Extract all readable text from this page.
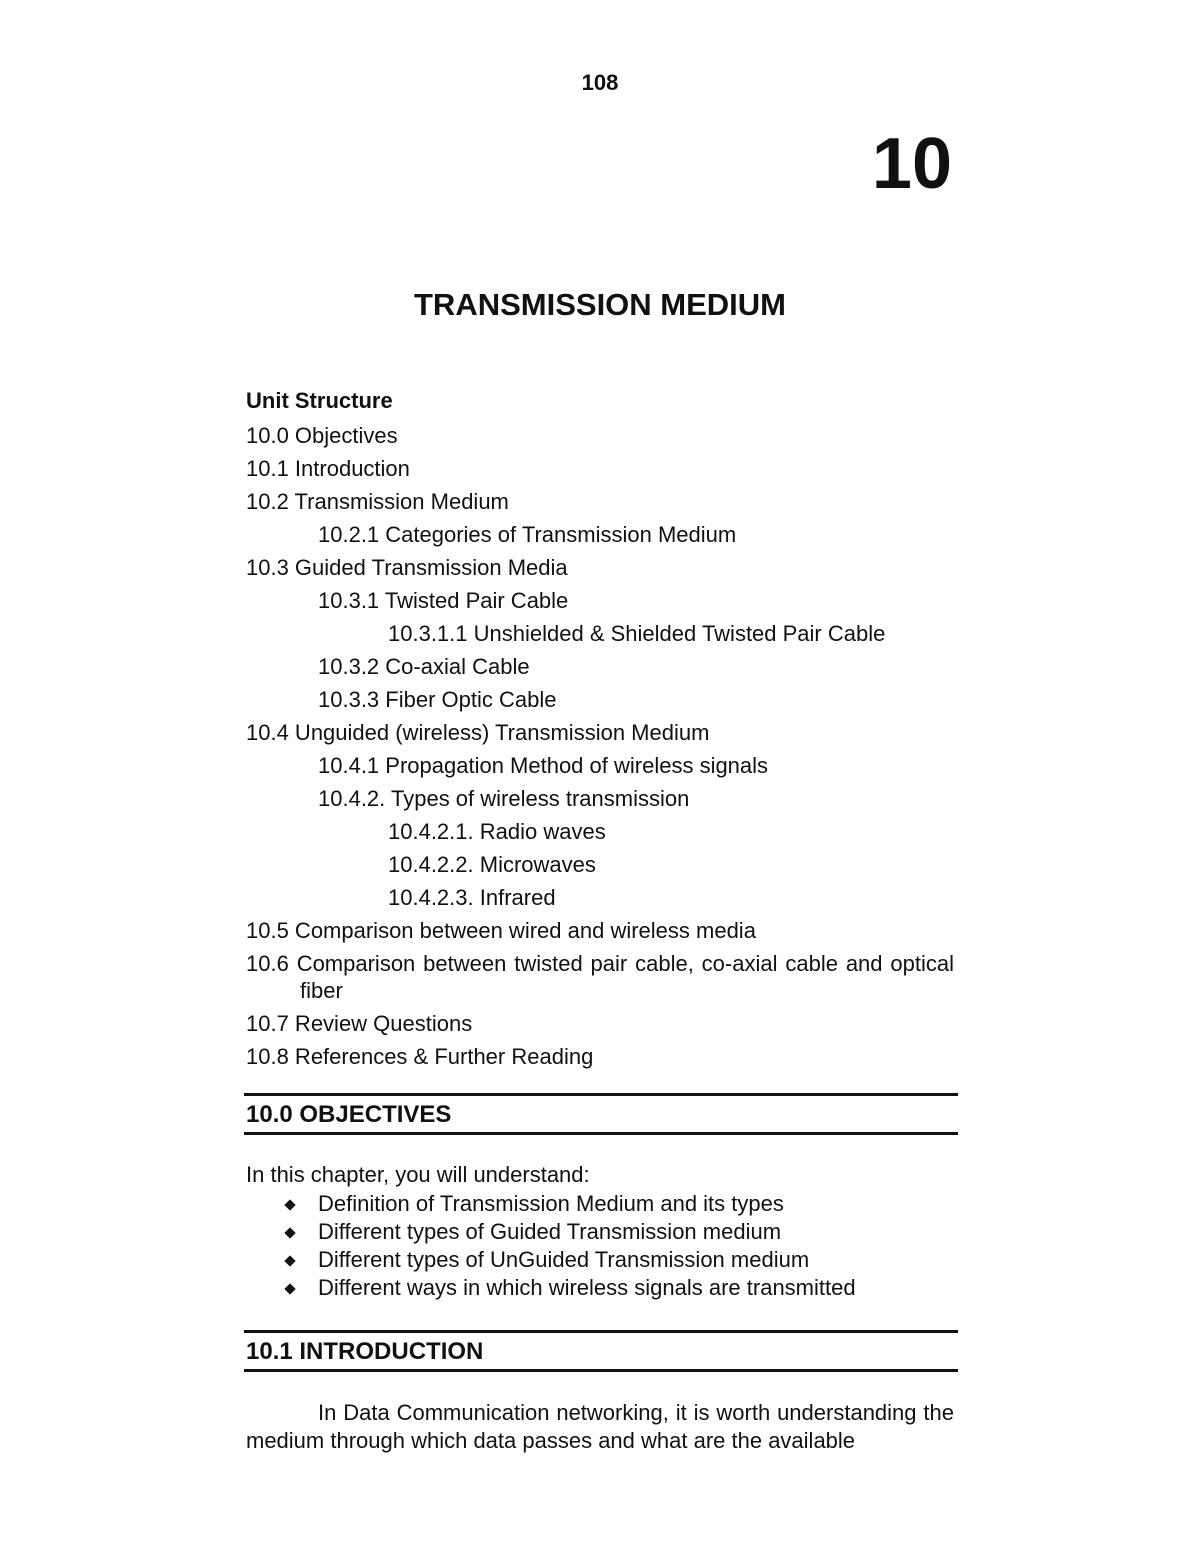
108
10
TRANSMISSION MEDIUM
Unit Structure
10.0 Objectives
10.1 Introduction
10.2 Transmission Medium
10.2.1 Categories of Transmission Medium
10.3 Guided Transmission Media
10.3.1 Twisted Pair Cable
10.3.1.1 Unshielded & Shielded Twisted Pair Cable
10.3.2 Co-axial Cable
10.3.3 Fiber Optic Cable
10.4 Unguided (wireless) Transmission Medium
10.4.1 Propagation Method of wireless signals
10.4.2. Types of wireless transmission
10.4.2.1. Radio waves
10.4.2.2. Microwaves
10.4.2.3. Infrared
10.5 Comparison between wired and wireless media
10.6 Comparison between twisted pair cable, co-axial cable and optical fiber
10.7 Review Questions
10.8 References & Further Reading
10.0 OBJECTIVES
In this chapter, you will understand:
Definition of Transmission Medium and its types
Different types of Guided Transmission medium
Different types of UnGuided Transmission medium
Different ways in which wireless signals are transmitted
10.1 INTRODUCTION
In Data Communication networking, it is worth understanding the medium through which data passes and what are the available
